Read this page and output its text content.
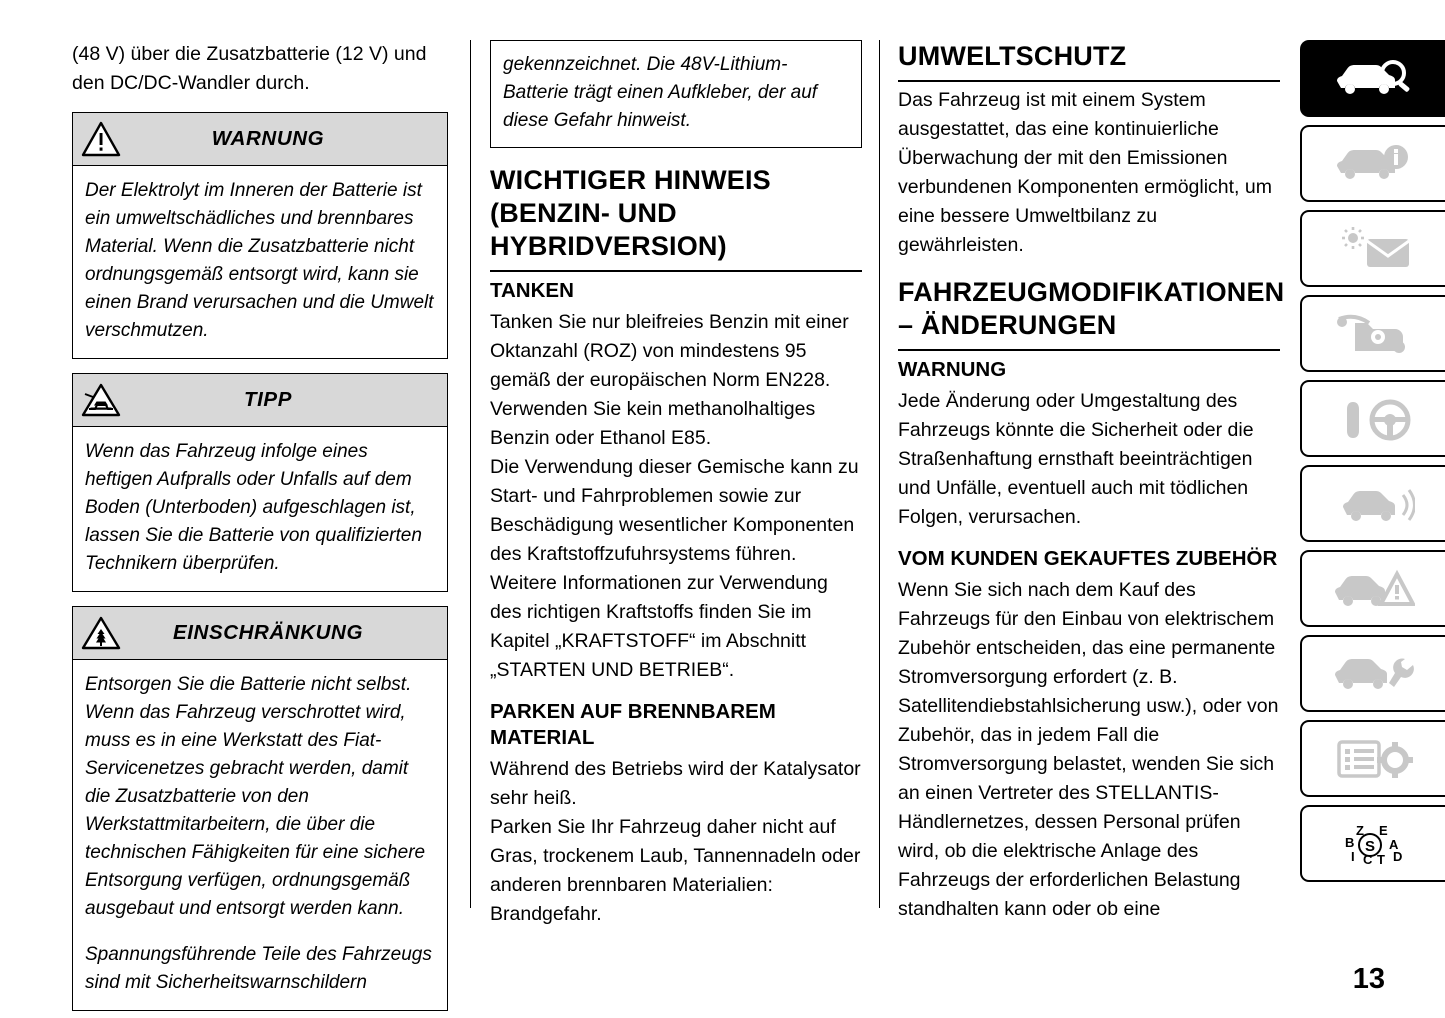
(48 V) über die Zusatzbatterie (12 V) und den DC/DC-Wandler durch.

WARNUNG

Der Elektrolyt im Inneren der Batterie ist ein umweltschädliches und brennbares Material. Wenn die Zusatzbatterie nicht ordnungsgemäß entsorgt wird, kann sie einen Brand verursachen und die Umwelt verschmutzen.

TIPP

Wenn das Fahrzeug infolge eines heftigen Aufpralls oder Unfalls auf dem Boden (Unterboden) aufgeschlagen ist, lassen Sie die Batterie von qualifizierten Technikern überprüfen.

EINSCHRÄNKUNG

Entsorgen Sie die Batterie nicht selbst. Wenn das Fahrzeug verschrottet wird, muss es in eine Werkstatt des Fiat-Servicenetzes gebracht werden, damit die Zusatzbatterie von den Werkstattmitarbeitern, die über die technischen Fähigkeiten für eine sichere Entsorgung verfügen, ordnungsgemäß ausgebaut und entsorgt werden kann.

Spannungsführende Teile des Fahrzeugs sind mit Sicherheitswarnschildern

gekennzeichnet. Die 48V-Lithium-Batterie trägt einen Aufkleber, der auf diese Gefahr hinweist.

WICHTIGER HINWEIS (BENZIN- UND HYBRIDVERSION)
TANKEN

Tanken Sie nur bleifreies Benzin mit einer Oktanzahl (ROZ) von mindestens 95 gemäß der europäischen Norm EN228.

Verwenden Sie kein methanolhaltiges Benzin oder Ethanol E85.

Die Verwendung dieser Gemische kann zu Start- und Fahrproblemen sowie zur Beschädigung wesentlicher Komponenten des Kraftstoffzufuhrsystems führen.

Weitere Informationen zur Verwendung des richtigen Kraftstoffs finden Sie im Kapitel „KRAFTSTOFF“ im Abschnitt „STARTEN UND BETRIEB“.

PARKEN AUF BRENNBAREM MATERIAL

Während des Betriebs wird der Katalysator sehr heiß.

Parken Sie Ihr Fahrzeug daher nicht auf Gras, trockenem Laub, Tannennadeln oder anderen brennbaren Materialien: Brandgefahr.

UMWELTSCHUTZ

Das Fahrzeug ist mit einem System ausgestattet, das eine kontinuierliche Überwachung der mit den Emissionen verbundenen Komponenten ermöglicht, um eine bessere Umweltbilanz zu gewährleisten.

FAHRZEUGMODIFIKATIONEN – ÄNDERUNGEN
WARNUNG

Jede Änderung oder Umgestaltung des Fahrzeugs könnte die Sicherheit oder die Straßenhaftung ernsthaft beeinträchtigen und Unfälle, eventuell auch mit tödlichen Folgen, verursachen.

VOM KUNDEN GEKAUFTES ZUBEHÖR

Wenn Sie sich nach dem Kauf des Fahrzeugs für den Einbau von elektrischem Zubehör entscheiden, das eine permanente Stromversorgung erfordert (z. B. Satellitendiebstahlsicherung usw.), oder von Zubehör, das in jedem Fall die Stromversorgung belastet, wenden Sie sich an einen Vertreter des STELLANTIS-Händlernetzes, dessen Personal prüfen wird, ob die elektrische Anlage des Fahrzeugs der erforderlichen Belastung standhalten kann oder ob eine

Z E
B S A
I C T D
13
